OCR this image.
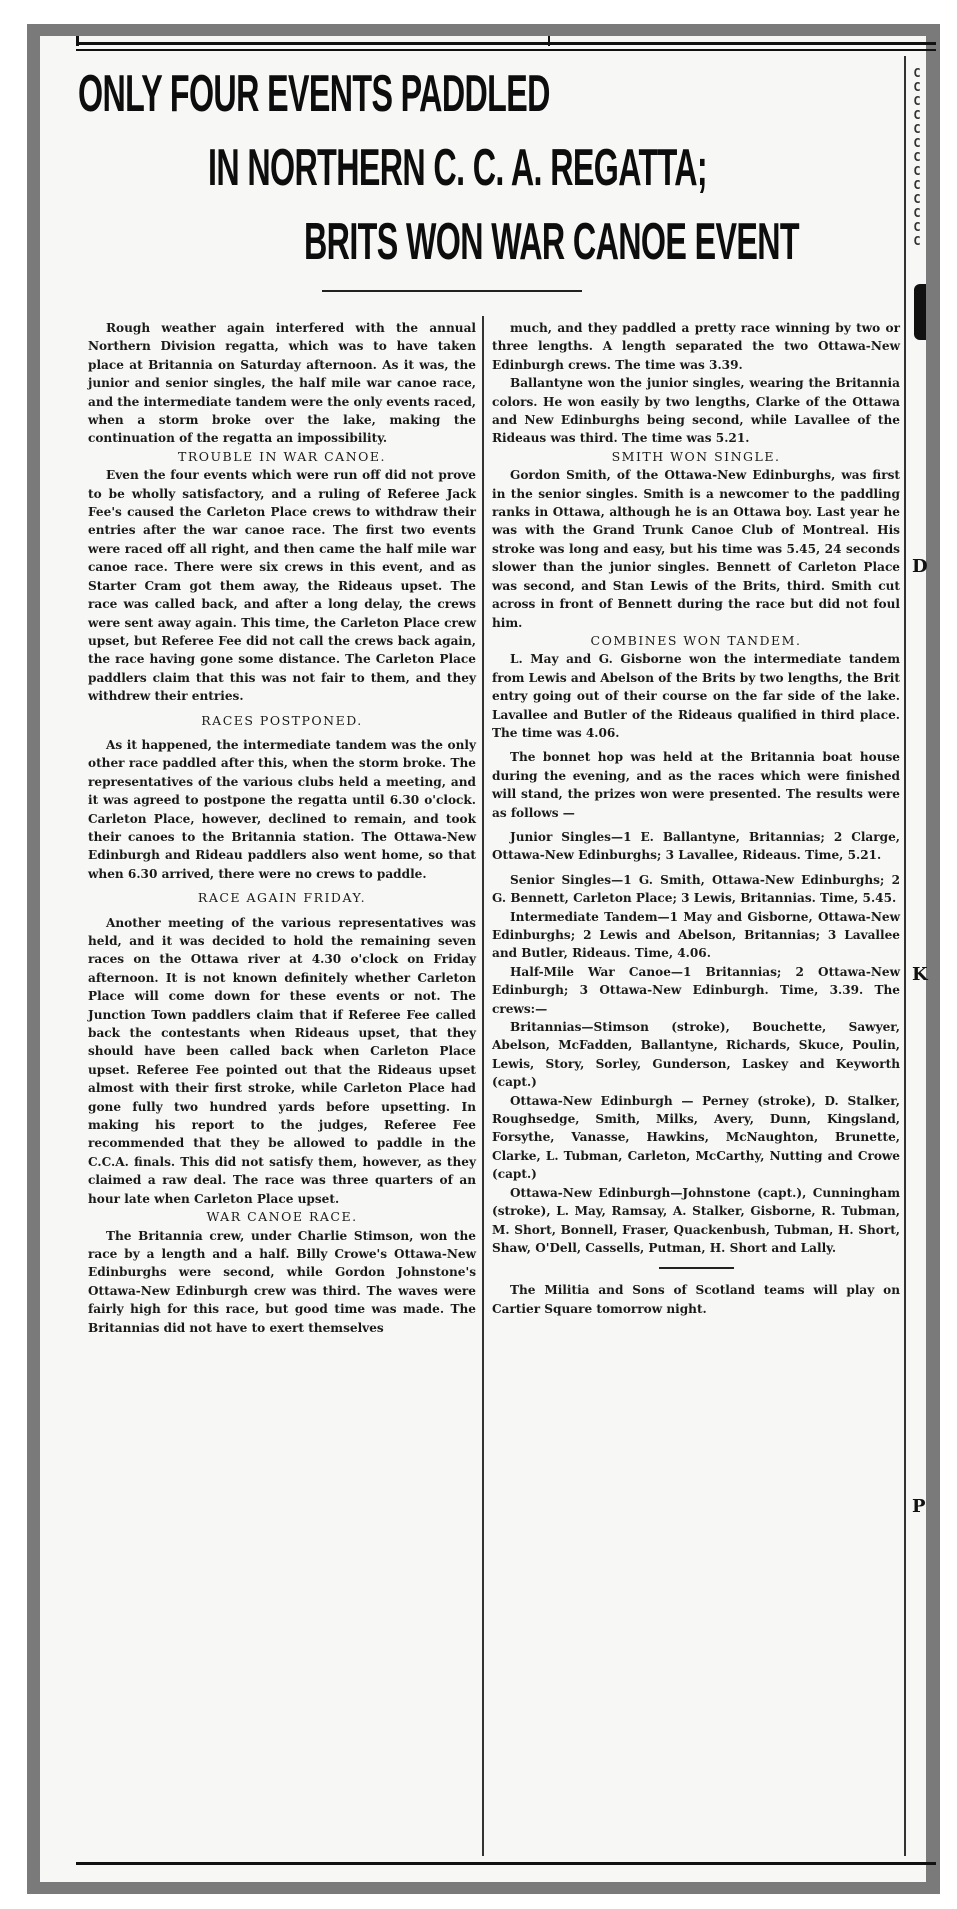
ONLY FOUR EVENTS PADDLED
IN NORTHERN C. C. A. REGATTA;
BRITS WON WAR CANOE EVENT

Rough weather again interfered with the annual Northern Division regatta, which was to have taken place at Britannia on Saturday afternoon. As it was, the junior and senior singles, the half mile war canoe race, and the intermediate tandem were the only events raced, when a storm broke over the lake, making the continuation of the regatta an impossibility.

TROUBLE IN WAR CANOE.

Even the four events which were run off did not prove to be wholly satisfactory, and a ruling of Referee Jack Fee's caused the Carleton Place crews to withdraw their entries after the war canoe race. The first two events were raced off all right, and then came the half mile war canoe race. There were six crews in this event, and as Starter Cram got them away, the Rideaus upset. The race was called back, and after a long delay, the crews were sent away again. This time, the Carleton Place crew upset, but Referee Fee did not call the crews back again, the race having gone some distance. The Carleton Place paddlers claim that this was not fair to them, and they withdrew their entries.

RACES POSTPONED.

As it happened, the intermediate tandem was the only other race paddled after this, when the storm broke. The representatives of the various clubs held a meeting, and it was agreed to postpone the regatta until 6.30 o'clock. Carleton Place, however, declined to remain, and took their canoes to the Britannia station. The Ottawa-New Edinburgh and Rideau paddlers also went home, so that when 6.30 arrived, there were no crews to paddle.

RACE AGAIN FRIDAY.

Another meeting of the various representatives was held, and it was decided to hold the remaining seven races on the Ottawa river at 4.30 o'clock on Friday afternoon. It is not known definitely whether Carleton Place will come down for these events or not. The Junction Town paddlers claim that if Referee Fee called back the contestants when Rideaus upset, that they should have been called back when Carleton Place upset. Referee Fee pointed out that the Rideaus upset almost with their first stroke, while Carleton Place had gone fully two hundred yards before upsetting. In making his report to the judges, Referee Fee recommended that they be allowed to paddle in the C.C.A. finals. This did not satisfy them, however, as they claimed a raw deal. The race was three quarters of an hour late when Carleton Place upset.

WAR CANOE RACE.

The Britannia crew, under Charlie Stimson, won the race by a length and a half. Billy Crowe's Ottawa-New Edinburghs were second, while Gordon Johnstone's Ottawa-New Edinburgh crew was third. The waves were fairly high for this race, but good time was made. The Britannias did not have to exert themselves

much, and they paddled a pretty race winning by two or three lengths. A length separated the two Ottawa-New Edinburgh crews. The time was 3.39.

Ballantyne won the junior singles, wearing the Britannia colors. He won easily by two lengths, Clarke of the Ottawa and New Edinburghs being second, while Lavallee of the Rideaus was third. The time was 5.21.

SMITH WON SINGLE.

Gordon Smith, of the Ottawa-New Edinburghs, was first in the senior singles. Smith is a newcomer to the paddling ranks in Ottawa, although he is an Ottawa boy. Last year he was with the Grand Trunk Canoe Club of Montreal. His stroke was long and easy, but his time was 5.45, 24 seconds slower than the junior singles. Bennett of Carleton Place was second, and Stan Lewis of the Brits, third. Smith cut across in front of Bennett during the race but did not foul him.

COMBINES WON TANDEM.

L. May and G. Gisborne won the intermediate tandem from Lewis and Abelson of the Brits by two lengths, the Brit entry going out of their course on the far side of the lake. Lavallee and Butler of the Rideaus qualified in third place. The time was 4.06.

The bonnet hop was held at the Britannia boat house during the evening, and as the races which were finished will stand, the prizes won were presented. The results were as follows —

Junior Singles—1 E. Ballantyne, Britannias; 2 Clarge, Ottawa-New Edinburghs; 3 Lavallee, Rideaus. Time, 5.21.

Senior Singles—1 G. Smith, Ottawa-New Edinburghs; 2 G. Bennett, Carleton Place; 3 Lewis, Britannias. Time, 5.45.

Intermediate Tandem—1 May and Gisborne, Ottawa-New Edinburghs; 2 Lewis and Abelson, Britannias; 3 Lavallee and Butler, Rideaus. Time, 4.06.

Half-Mile War Canoe—1 Britannias; 2 Ottawa-New Edinburgh; 3 Ottawa-New Edinburgh. Time, 3.39. The crews:—

Britannias—Stimson (stroke), Bouchette, Sawyer, Abelson, McFadden, Ballantyne, Richards, Skuce, Poulin, Lewis, Story, Sorley, Gunderson, Laskey and Keyworth (capt.)

Ottawa-New Edinburgh — Perney (stroke), D. Stalker, Roughsedge, Smith, Milks, Avery, Dunn, Kingsland, Forsythe, Vanasse, Hawkins, McNaughton, Brunette, Clarke, L. Tubman, Carleton, McCarthy, Nutting and Crowe (capt.)

Ottawa-New Edinburgh—Johnstone (capt.), Cunningham (stroke), L. May, Ramsay, A. Stalker, Gisborne, R. Tubman, M. Short, Bonnell, Fraser, Quackenbush, Tubman, H. Short, Shaw, O'Dell, Cassells, Putman, H. Short and Lally.

The Militia and Sons of Scotland teams will play on Cartier Square tomorrow night.

C
C
C
C
C
C
C
C
C
C
C
C
C
D
K
P
